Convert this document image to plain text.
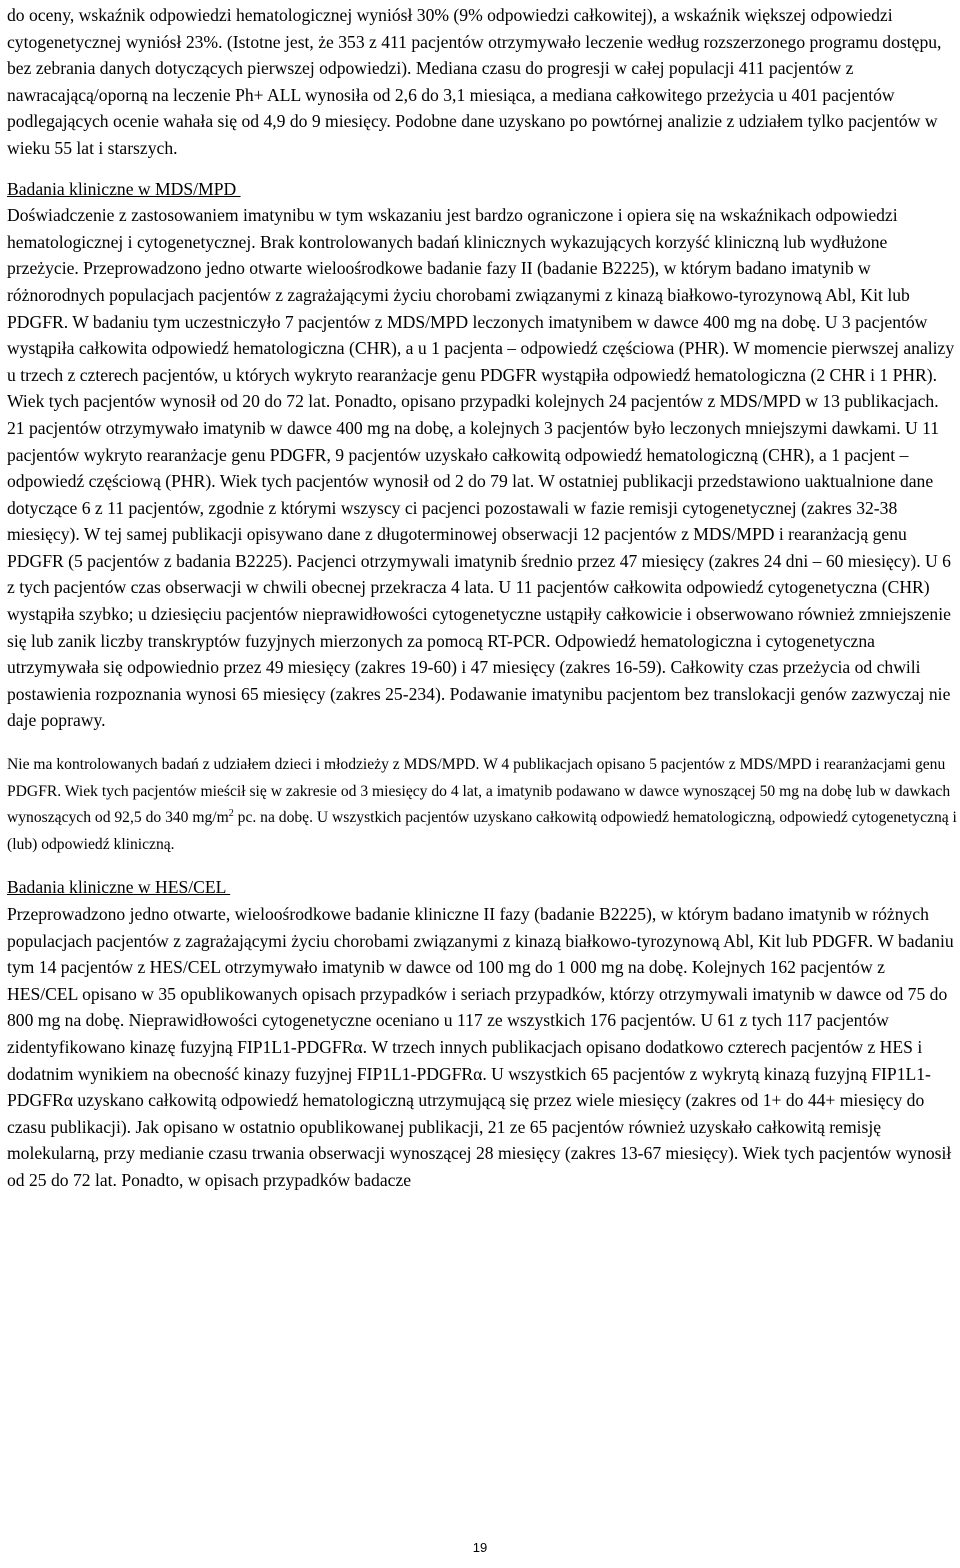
do oceny, wskaźnik odpowiedzi hematologicznej wyniósł 30% (9% odpowiedzi całkowitej), a wskaźnik większej odpowiedzi cytogenetycznej wyniósł 23%. (Istotne jest, że 353 z 411 pacjentów otrzymywało leczenie według rozszerzonego programu dostępu, bez zebrania danych dotyczących pierwszej odpowiedzi). Mediana czasu do progresji w całej populacji 411 pacjentów z nawracającą/oporną na leczenie Ph+ ALL wynosiła od 2,6 do 3,1 miesiąca, a mediana całkowitego przeżycia u 401 pacjentów podlegających ocenie wahała się od 4,9 do 9 miesięcy. Podobne dane uzyskano po powtórnej analizie z udziałem tylko pacjentów w wieku 55 lat i starszych.

Badania kliniczne w MDS/MPD

Doświadczenie z zastosowaniem imatynibu w tym wskazaniu jest bardzo ograniczone i opiera się na wskaźnikach odpowiedzi hematologicznej i cytogenetycznej. Brak kontrolowanych badań klinicznych wykazujących korzyść kliniczną lub wydłużone przeżycie. Przeprowadzono jedno otwarte wieloośrodkowe badanie fazy II (badanie B2225), w którym badano imatynib w różnorodnych populacjach pacjentów z zagrażającymi życiu chorobami związanymi z kinazą białkowo-tyrozynową Abl, Kit lub PDGFR. W badaniu tym uczestniczyło 7 pacjentów z MDS/MPD leczonych imatynibem w dawce 400 mg na dobę. U 3 pacjentów wystąpiła całkowita odpowiedź hematologiczna (CHR), a u 1 pacjenta – odpowiedź częściowa (PHR). W momencie pierwszej analizy u trzech z czterech pacjentów, u których wykryto rearanżacje genu PDGFR wystąpiła odpowiedź hematologiczna (2 CHR i 1 PHR). Wiek tych pacjentów wynosił od 20 do 72 lat. Ponadto, opisano przypadki kolejnych 24 pacjentów z MDS/MPD w 13 publikacjach. 21 pacjentów otrzymywało imatynib w dawce 400 mg na dobę, a kolejnych 3 pacjentów było leczonych mniejszymi dawkami. U 11 pacjentów wykryto rearanżacje genu PDGFR, 9 pacjentów uzyskało całkowitą odpowiedź hematologiczną (CHR), a 1 pacjent – odpowiedź częściową (PHR). Wiek tych pacjentów wynosił od 2 do 79 lat. W ostatniej publikacji przedstawiono uaktualnione dane dotyczące 6 z 11 pacjentów, zgodnie z którymi wszyscy ci pacjenci pozostawali w fazie remisji cytogenetycznej (zakres 32-38 miesięcy). W tej samej publikacji opisywano dane z długoterminowej obserwacji 12 pacjentów z MDS/MPD i rearanżacją genu PDGFR (5 pacjentów z badania B2225). Pacjenci otrzymywali imatynib średnio przez 47 miesięcy (zakres 24 dni – 60 miesięcy). U 6 z tych pacjentów czas obserwacji w chwili obecnej przekracza 4 lata. U 11 pacjentów całkowita odpowiedź cytogenetyczna (CHR) wystąpiła szybko; u dziesięciu pacjentów nieprawidłowości cytogenetyczne ustąpiły całkowicie i obserwowano również zmniejszenie się lub zanik liczby transkryptów fuzyjnych mierzonych za pomocą RT-PCR. Odpowiedź hematologiczna i cytogenetyczna utrzymywała się odpowiednio przez 49 miesięcy (zakres 19-60) i 47 miesięcy (zakres 16-59). Całkowity czas przeżycia od chwili postawienia rozpoznania wynosi 65 miesięcy (zakres 25-234). Podawanie imatynibu pacjentom bez translokacji genów zazwyczaj nie daje poprawy.

Nie ma kontrolowanych badań z udziałem dzieci i młodzieży z MDS/MPD. W 4 publikacjach opisano 5 pacjentów z MDS/MPD i rearanżacjami genu PDGFR. Wiek tych pacjentów mieścił się w zakresie od 3 miesięcy do 4 lat, a imatynib podawano w dawce wynoszącej 50 mg na dobę lub w dawkach wynoszących od 92,5 do 340 $mg/m^2$ pc. na dobę. U wszystkich pacjentów uzyskano całkowitą odpowiedź hematologiczną, odpowiedź cytogenetyczną i (lub) odpowiedź kliniczną.

Badania kliniczne w HES/CEL

Przeprowadzono jedno otwarte, wieloośrodkowe badanie kliniczne II fazy (badanie B2225), w którym badano imatynib w różnych populacjach pacjentów z zagrażającymi życiu chorobami związanymi z kinazą białkowo-tyrozynową Abl, Kit lub PDGFR. W badaniu tym 14 pacjentów z HES/CEL otrzymywało imatynib w dawce od 100 mg do 1 000 mg na dobę. Kolejnych 162 pacjentów z HES/CEL opisano w 35 opublikowanych opisach przypadków i seriach przypadków, którzy otrzymywali imatynib w dawce od 75 do 800 mg na dobę. Nieprawidłowości cytogenetyczne oceniano u 117 ze wszystkich 176 pacjentów. U 61 z tych 117 pacjentów zidentyfikowano kinazę fuzyjną FIP1L1-PDGFRα. W trzech innych publikacjach opisano dodatkowo czterech pacjentów z HES i dodatnim wynikiem na obecność kinazy fuzyjnej FIP1L1-PDGFRα. U wszystkich 65 pacjentów z wykrytą kinazą fuzyjną FIP1L1-PDGFRα uzyskano całkowitą odpowiedź hematologiczną utrzymującą się przez wiele miesięcy (zakres od 1+ do 44+ miesięcy do czasu publikacji). Jak opisano w ostatnio opublikowanej publikacji, 21 ze 65 pacjentów również uzyskało całkowitą remisję molekularną, przy medianie czasu trwania obserwacji wynoszącej 28 miesięcy (zakres 13-67 miesięcy). Wiek tych pacjentów wynosił od 25 do 72 lat. Ponadto, w opisach przypadków badacze

19
